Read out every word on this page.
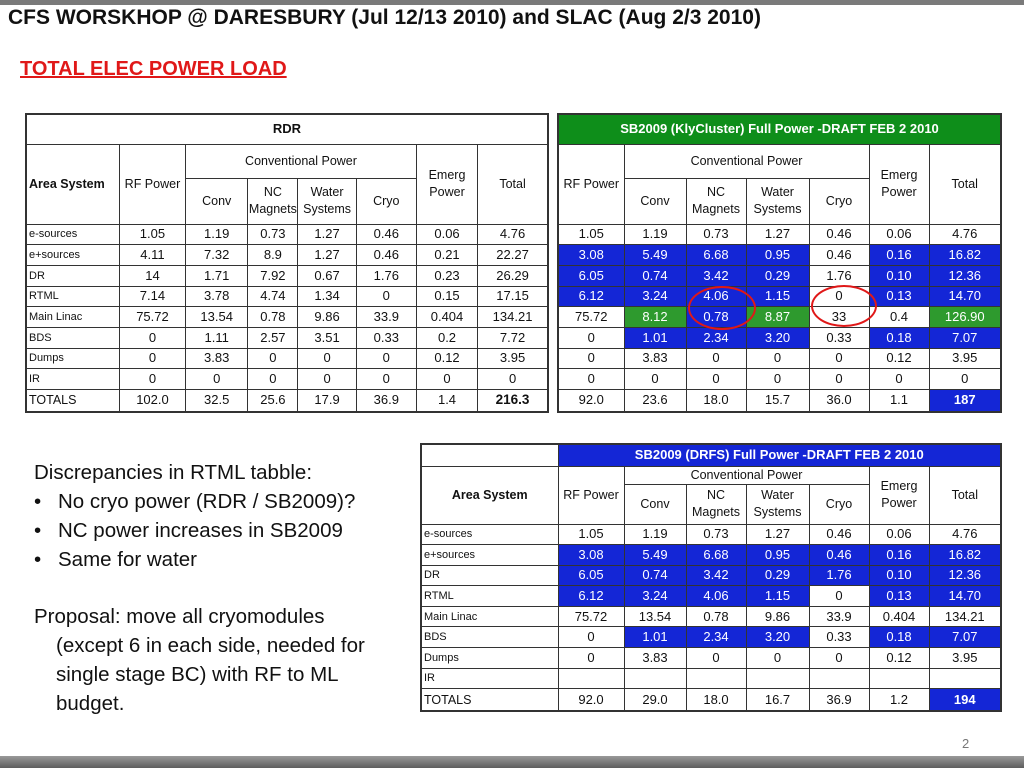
CFS WORSKHOP @ DARESBURY (Jul 12/13 2010) and SLAC (Aug 2/3 2010)
TOTAL ELEC POWER LOAD
RDR							
Area System	RF Power	Conventional Power				Emerg Power	Total
		Conv	NC Magnets	Water Systems	Cryo		
e-sources	1.05	1.19	0.73	1.27	0.46	0.06	4.76
e+sources	4.11	7.32	8.9	1.27	0.46	0.21	22.27
DR	14	1.71	7.92	0.67	1.76	0.23	26.29
RTML	7.14	3.78	4.74	1.34	0	0.15	17.15
Main Linac	75.72	13.54	0.78	9.86	33.9	0.404	134.21
BDS	0	1.11	2.57	3.51	0.33	0.2	7.72
Dumps	0	3.83	0	0	0	0.12	3.95
IR	0	0	0	0	0	0	0
TOTALS	102.0	32.5	25.6	17.9	36.9	1.4	216.3
SB2009 (KlyCluster) Full Power -DRAFT FEB 2 2010						
RF Power	Conventional Power				Emerg Power	Total
	Conv	NC Magnets	Water Systems	Cryo		
1.05	1.19	0.73	1.27	0.46	0.06	4.76
3.08	5.49	6.68	0.95	0.46	0.16	16.82
6.05	0.74	3.42	0.29	1.76	0.10	12.36
6.12	3.24	4.06	1.15	0	0.13	14.70
75.72	8.12	0.78	8.87	33	0.4	126.90
0	1.01	2.34	3.20	0.33	0.18	7.07
0	3.83	0	0	0	0.12	3.95
0	0	0	0	0	0	0
92.0	23.6	18.0	15.7	36.0	1.1	187
	SB2009 (DRFS) Full Power -DRAFT FEB 2 2010						
Area System	RF Power	Conventional Power				Emerg Power	Total
		Conv	NC Magnets	Water Systems	Cryo		
e-sources	1.05	1.19	0.73	1.27	0.46	0.06	4.76
e+sources	3.08	5.49	6.68	0.95	0.46	0.16	16.82
DR	6.05	0.74	3.42	0.29	1.76	0.10	12.36
RTML	6.12	3.24	4.06	1.15	0	0.13	14.70
Main Linac	75.72	13.54	0.78	9.86	33.9	0.404	134.21
BDS	0	1.01	2.34	3.20	0.33	0.18	7.07
Dumps	0	3.83	0	0	0	0.12	3.95
IR							
TOTALS	92.0	29.0	18.0	16.7	36.9	1.2	194
Discrepancies in RTML tabble:
• No cryo power (RDR / SB2009)?
• NC power increases in SB2009
• Same for water
Proposal: move all cryomodules
(except 6 in each side, needed for
single stage BC) with RF to ML
budget.
2
